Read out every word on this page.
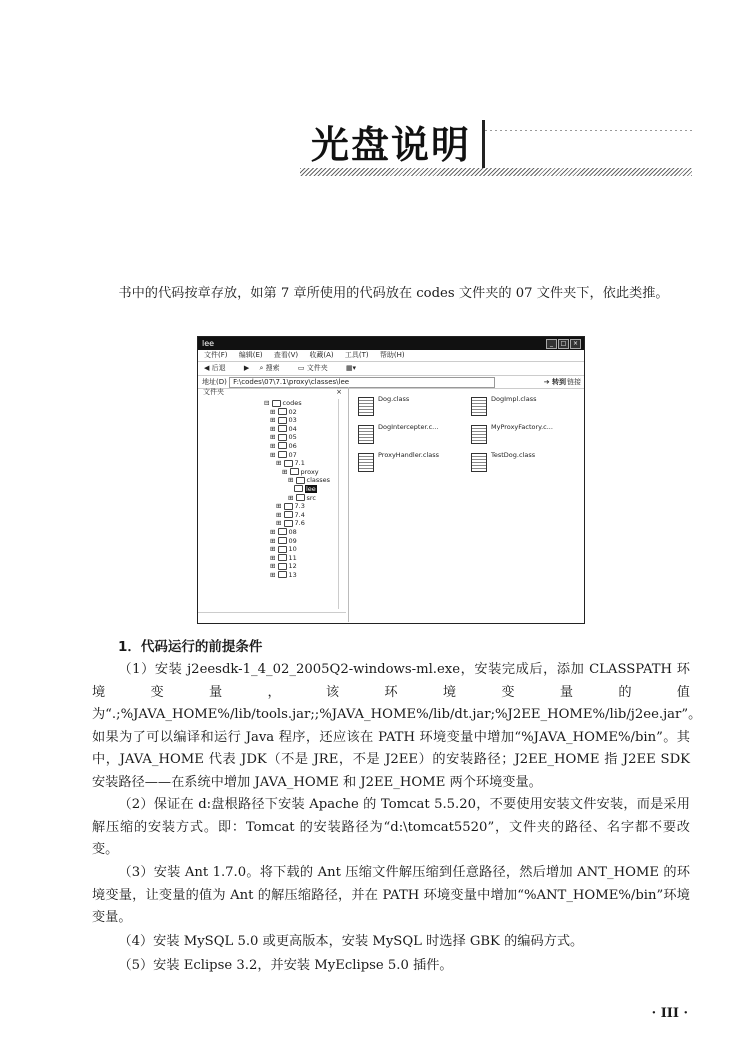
光盘说明

书中的代码按章存放，如第 7 章所使用的代码放在 codes 文件夹的 07 文件夹下，依此类推。

lee	_	□	×
文件(F) 编辑(E) 查看(V) 收藏(A) 工具(T) 帮助(H)
◀ 后退	▶ ⌕ 搜索	▭ 文件夹	▦▾
地址(D) F:\codes\07\7.1\proxy\classes\lee	➔ 转到 链接
文件夹	×
⊟ codes
⊞ 02
⊞ 03
⊞ 04
⊞ 05
⊞ 06
⊞ 07
⊞ 7.1
⊞ proxy
⊞ classes
lee
⊞ src
⊞ 7.3
⊞ 7.4
⊞ 7.6
⊞ 08
⊞ 09
⊞ 10
⊞ 11
⊞ 12
⊞ 13
Dog.class	DogImpl.class
DogIntercepter.c...	MyProxyFactory.c...
ProxyHandler.class	TestDog.class
1．代码运行的前提条件

（1）安装 j2eesdk-1_4_02_2005Q2-windows-ml.exe，安装完成后，添加 CLASSPATH 环境变量，该环境变量的值为“.;%JAVA_HOME%/lib/tools.jar;;%JAVA_HOME%/lib/dt.jar;%J2EE_HOME%/lib/j2ee.jar”。如果为了可以编译和运行 Java 程序，还应该在 PATH 环境变量中增加“%JAVA_HOME%/bin”。其中，JAVA_HOME 代表 JDK（不是 JRE，不是 J2EE）的安装路径；J2EE_HOME 指 J2EE SDK 安装路径——在系统中增加 JAVA_HOME 和 J2EE_HOME 两个环境变量。

（2）保证在 d:盘根路径下安装 Apache 的 Tomcat 5.5.20，不要使用安装文件安装，而是采用解压缩的安装方式。即：Tomcat 的安装路径为“d:\tomcat5520”，文件夹的路径、名字都不要改变。

（3）安装 Ant 1.7.0。将下载的 Ant 压缩文件解压缩到任意路径，然后增加 ANT_HOME 的环境变量，让变量的值为 Ant 的解压缩路径，并在 PATH 环境变量中增加“%ANT_HOME%/bin”环境变量。

（4）安装 MySQL 5.0 或更高版本，安装 MySQL 时选择 GBK 的编码方式。

（5）安装 Eclipse 3.2，并安装 MyEclipse 5.0 插件。

· III ·
